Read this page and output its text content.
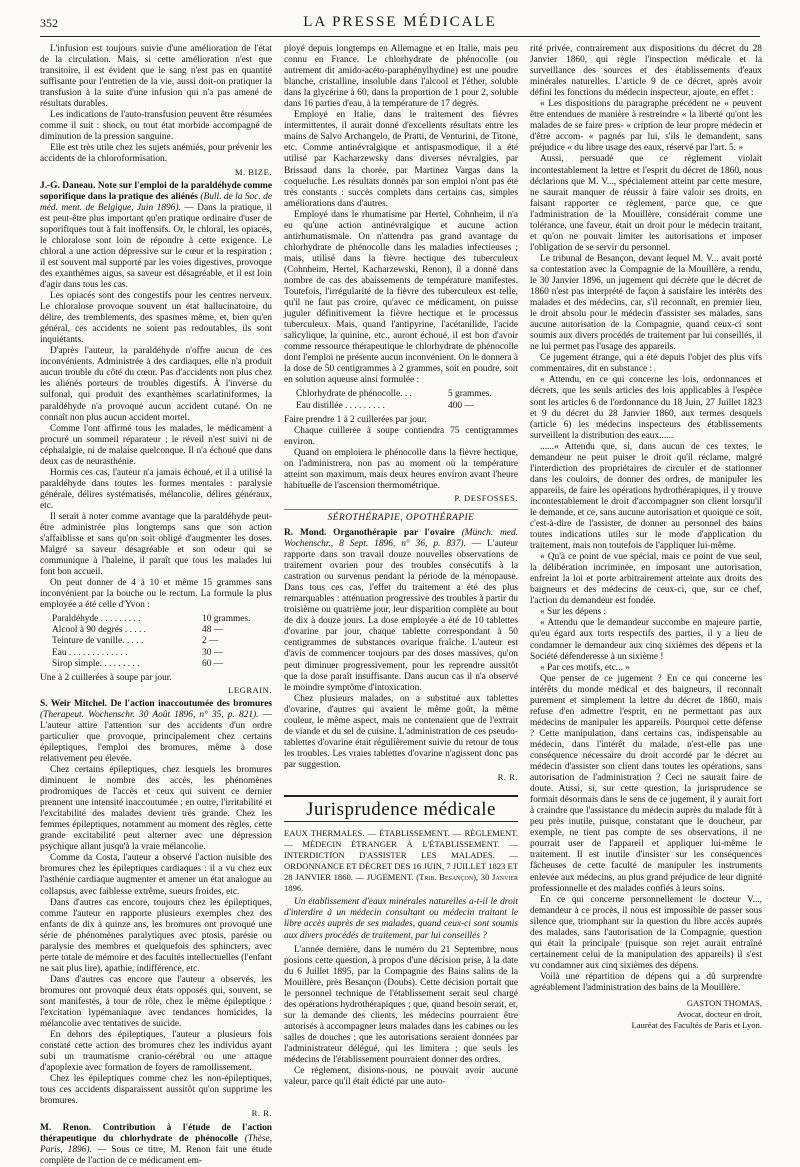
352	LA PRESSE MÉDICALE

L'infusion est toujours suivie d'une amélioration de l'état de la circulation. Mais, si cette amélioration n'est que transitoire, il est évident que le sang n'est pas en quantité suffisante pour l'entretien de la vie, aussi doit-on pratiquer la transfusion à la suite d'une infusion qui n'a pas amené de résultats durables.

Les indications de l'auto-transfusion peuvent être résumées comme il suit : shock, ou tout état morbide accompagné de diminution de la pression sanguine.

Elle est très utile chez les sujets anémiés, pour prévenir les accidents de la chloroformisation.

M. BIZE.

J.-G. Daneau. Note sur l'emploi de la paraldéhyde comme soporifique dans la pratique des aliénés (Bull. de la Soc. de méd. ment. de Belgique, Juin 1896). — Dans la pratique, il est peut-être plus important qu'en pratique ordinaire d'user de soporifiques tout à fait inoffensifs. Or, le chloral, les opiacés, le chloralose sont loin de répondre à cette exigence. Le chloral a une action dépressive sur le cœur et la respiration ; il est souvent mal supporté par les voies digestives, provoque des exanthèmes aigus, sa saveur est désagréable, et il est loin d'agir dans tous les cas.

Les opiacés sont des congestifs pour les centres nerveux. Le chloralose provoque souvent un état hallucinatoire, du délire, des tremblements, des spasmes même, et, bien qu'en général, ces accidents ne soient pas redoutables, ils sont inquiétants.

D'après l'auteur, la paraldéhyde n'offre aucun de ces inconvénients. Administrée à des cardiaques, elle n'a produit aucun trouble du côté du cœur. Pas d'accidents non plus chez les aliénés porteurs de troubles digestifs. À l'inverse du sulfonal, qui produit des exanthèmes scarlatiniformes, la paraldéhyde n'a provoqué aucun accident cutané. On ne connaît non plus aucun accident mortel.

Comme l'ont affirmé tous les malades, le médicament a procuré un sommeil réparateur ; le réveil n'est suivi ni de céphalalgie, ni de malaise quelconque. Il n'a échoué que dans deux cas de neurasthénie.

Hormis ces cas, l'auteur n'a jamais échoué, et il a utilisé la paraldéhyde dans toutes les formes mentales : paralysie générale, délires systématisés, mélancolie, délires généraux, etc.

Il serait à noter comme avantage que la paraldéhyde peut-être administrée plus longtemps sans que son action s'affaiblisse et sans qu'on soit obligé d'augmenter les doses. Malgré sa saveur désagréable et son odeur qui se communique à l'haleine, il paraît que tous les malades lui font bon accueil.

On peut donner de 4 à 10 et même 15 grammes sans inconvénient par la bouche ou le rectum. La formule la plus employée a été celle d'Yvon :

Paraldéhyde . . . . . . . . .	10 grammes.
Alcool à 90 degrés . . . . .	48 —
Teinture de vanille. . . . .	2 —
Eau . . . . . . . . . . . . .	30 —
Sirop simple. . . . . . . . .	60 —

Une à 2 cuillerées à soupe par jour.

LEGRAIN.

S. Weir Mitchel. De l'action inaccoutumée des bromures (Therapeut. Wochenschr. 30 Août 1896, n° 35, p. 821). — L'auteur attire l'attention sur des accidents d'un ordre particulier que provoque, principalement chez certains épileptiques, l'emploi des bromures, même à dose relativement peu élevée.

Chez certains épileptiques, chez lesquels les bromures diminuent le nombre des accès, les phénomènes prodromiques de l'accès et ceux qui suivent ce dernier prennent une intensité inaccoutumée ; en outre, l'irritabilité et l'excitabilité des malades devient très grande. Chez les femmes épileptiques, notamment au moment des règles, cette grande excitabilité peut alterner avec une dépression psychique allant jusqu'à la vraie mélancolie.

Comme da Costa, l'auteur a observé l'action nuisible des bromures chez les épileptiques cardiaques : il a vu chez eux l'asthénie cardiaque augmenter et amener un état analogue au collapsus, avec faiblesse extrême, sueurs froides, etc.

Dans d'autres cas encore, toujours chez les épileptiques, comme l'auteur en rapporte plusieurs exemples chez des enfants de dix à quinze ans, les bromures ont provoqué une série de phénomènes paralytiques avec ptosis, parésie ou paralysie des membres et quelquefois des sphincters, avec perte totale de mémoire et des facultés intellectuelles (l'enfant ne sait plus lire), apathie, indifférence, etc.

Dans d'autres cas encore que l'auteur a observés, les bromures ont provoqué deux états opposés qui, souvent, se sont manifestés, à tour de rôle, chez le même épileptique : l'excitation lypémaniaque avec tendances homicides, la mélancolie avec tentatives de suicide.

En dehors des épileptiques, l'auteur a plusieurs fois constaté cette action des bromures chez les individus ayant subi un traumatisme cranio-cérébral ou une attaque d'apoplexie avec formation de foyers de ramollissement.

Chez les épileptiques comme chez les non-épileptiques, tous ces accidents disparaissent aussitôt qu'on supprime les bromures.

R. R.

M. Renon. Contribution à l'étude de l'action thérapeutique du chlorhydrate de phénocolle (Thèse, Paris, 1896). — Sous ce titre, M. Renon fait une étude complète de l'action de ce médicament em-

ployé depuis longtemps en Allemagne et en Italie, mais peu connu en France. Le chlorhydrate de phénocolle (ou autrement dit amido-acéto-paraphénylhydine) est une poudre blanche, cristalline, insoluble dans l'alcool et l'éther, soluble dans la glycérine à 60, dans la proportion de 1 pour 2, soluble dans 16 parties d'eau, à la température de 17 degrés.

Employé en Italie, dans le traitement des fièvres intermittentes, il aurait donné d'excellents résultats entre les mains de Salvo Archangelo, de Pratti, de Venturini, de Titone, etc. Comme antinévralgique et antispasmodique, il a été utilisé par Kacharzewsky dans diverses névralgies, par Brissaud dans la chorée, par Martinez Vargas dans la coqueluche. Les résultats donnés par son emploi n'ont pas été très constants : succès complets dans certains cas, simples améliorations dans d'autres.

Employé dans le rhumatisme par Hertel, Cohnheim, il n'a eu qu'une action antinévralgique et aucune action antirhumatismale. On n'attendra pas grand avantage du chlorhydrate de phénocolle dans les maladies infectieuses ; mais, utilisé dans la fièvre hectique des tuberculeux (Cohnheim, Hertel, Kacharzewski, Renon), il a donné dans nombre de cas des abaissements de température manifestes. Toutefois, l'irrégularité de la fièvre des tuberculeux est telle, qu'il ne faut pas croire, qu'avec ce médicament, on puisse juguler définitivement la fièvre hectique et le processus tuberculeux. Mais, quand l'antipyrine, l'acétanilide, l'acide salicylique, la quinine, etc., auront échoué, il est bon d'avoir comme ressource thérapeutique le chlorhydrate de phénocolle dont l'emploi ne présente aucun inconvénient. On le donnera à la dose de 50 centigrammes à 2 grammes, soit en poudre, soit en solution aqueuse ainsi formulée :

Chlorhydrate de phénocolle. . .	5 grammes.
Eau distillée . . . . . . . . .	400 —

Faire prendre 1 à 2 cuillerées par jour.

Chaque cuillerée à soupe contiendra 75 centigrammes environ.

Quand on emploiera le phénocolle dans la fièvre hectique, on l'administrera, non pas au moment où la température atteint son maximum, mais deux heures environ avant l'heure habituelle de l'ascension thermométrique.

P. DESFOSSES.
SÉROTHÉRAPIE, OPOTHÉRAPIE

R. Mond. Organothérapie par l'ovaire (Münch. med. Wochenschr., 8 Sept. 1896, n° 36, p. 837). — L'auteur rapporte dans son travail douze nouvelles observations de traitement ovarien pour des troubles consécutifs à la castration ou survenus pendant la période de la ménopause. Dans tous ces cas, l'effet du traitement a été des plus remarquables : atténuation progressive des troubles à partir du troisième ou quatrième jour, leur disparition complète au bout de dix à douze jours. La dose employée a été de 10 tablettes d'ovarine par jour, chaque tablette correspondant à 50 centigrammes de substances ovarique fraîche. L'auteur est d'avis de commencer toujours par des doses massives, qu'on peut diminuer progressivement, pour les reprendre aussitôt que la dose paraît insuffisante. Dans aucun cas il n'a observé le moindre symptôme d'intoxication.

Chez plusieurs malades, on a substitué aux tablettes d'ovarine, d'autres qui avaient le même goût, la même couleur, le même aspect, mais ne contenaient que de l'extrait de viande et du sel de cuisine. L'administration de ces pseudo-tablettes d'ovarine était régulièrement suivie du retour de tous les troubles. Les vraies tablettes d'ovarine n'agissent donc pas par suggestion.

R. R.
Jurisprudence médicale

EAUX THERMALES. — ÉTABLISSEMENT. — RÈGLEMENT. — MÉDECIN ÉTRANGER À L'ÉTABLISSEMENT. — INTERDICTION D'ASSISTER LES MALADES. — ORDONNANCE ET DÉCRET DES 16 JUIN, 7 JUILLET 1823 ET 28 JANVIER 1860. — JUGEMENT. (Trib. Besançon), 30 Janvier 1896.

Un établissement d'eaux minérales naturelles a-t-il le droit d'interdire à un médecin consultant ou médecin traitant le libre accès auprès de ses malades, quand ceux-ci sont soumis aux divers procédés de traitement, par lui conseillés ?

L'année dernière, dans le numéro du 21 Septembre, nous posions cette question, à propos d'une décision prise, à la date du 6 Juillet 1895, par la Compagnie des Bains salins de la Mouillère, près Besançon (Doubs). Cette décision portait que le personnel technique de l'établissement serait seul chargé des opérations hydrothérapiques ; que, quand besoin serait, et, sur la demande des clients, les médecins pourraient être autorisés à accompagner leurs malades dans les cabines ou les salles de douches ; que les autorisations seraient données par l'administrateur délégué, qui les limitera ; que seuls les médecins de l'établissement pourraient donner des ordres.

Ce règlement, disions-nous, ne pouvait avoir aucune valeur, parce qu'il était édicté par une auto-

rité privée, contrairement aux dispositions du décret du 28 Janvier 1860, qui règle l'inspection médicale et la surveillance des sources et des établissements d'eaux minérales naturelles. L'article 9 de ce décret, après avoir défini les fonctions du médecin inspecteur, ajoute, en effet :

« Les dispositions du paragraphe précédent ne « peuvent être entendues de manière à restreindre « la liberté qu'ont les malades de se faire pres- « cription de leur propre médecin et d'être accom- « pagnés par lui, s'ils le demandent, sans préjudice « du libre usage des eaux, réservé par l'art. 5. »

Aussi, persuadé que ce règlement violait incontestablement la lettre et l'esprit du décret de 1860, nous déclarions que M. V..., spécialement atteint par cette mesure, ne saurait manquer de réussir à faire valoir ses droits, en faisant rapporter ce règlement, parce que, ce que l'administration de la Mouillère, considérait comme une tolérance, une faveur, était un droit pour le médecin traitant, et qu'on ne pouvait limiter les autorisations et imposer l'obligation de se servir du personnel.

Le tribunal de Besançon, devant lequel M. V... avait porté sa contestation avec la Compagnie de la Mouillère, a rendu, le 30 Janvier 1896, un jugement qui décrète que le décret de 1860 n'est pas interprété de façon à satisfaire les intérêts des malades et des médecins, car, s'il reconnaît, en premier lieu, le droit absolu pour le médecin d'assister ses malades, sans aucune autorisation de la Compagnie, quand ceux-ci sont soumis aux divers procédés de traitement par lui conseillés, il ne lui permet pas l'usage des appareils.

Ce jugement étrange, qui a été depuis l'objet des plus vifs commentaires, dit en substance :

« Attendu, en ce qui concerne les lois, ordonnances et décrets, que les seuls articles des lois applicables à l'espèce sont les articles 6 de l'ordonnance du 18 Juin, 27 Juillet 1823 et 9 du décret du 28 Janvier 1860, aux termes desquels (article 6) les médecins inspecteurs des établissements surveillent la distribution des eaux......

......« Attendu que, si, dans aucun de ces textes, le demandeur ne peut puiser le droit qu'il réclame, malgré l'interdiction des propriétaires de circuler et de stationner dans les couloirs, de donner des ordres, de manipuler les appareils, de faire les opérations hydrothérapiques, il y trouve incontestablement le droit d'accompagner son client lorsqu'il le demande, et ce, sans aucune autorisation et quoique ce soit, c'est-à-dire de l'assister, de donner au personnel des bains toutes indications utiles sur le mode d'application du traitement, mais non toutefois de l'appliquer lui-même.

« Qu'à ce point de vue spécial, mais ce point de vue seul, la délibération incriminée, en imposant une autorisation, enfreint la loi et porte arbitrairement atteinte aux droits des baigneurs et des médecins de ceux-ci, que, sur ce chef, l'action du demandeur est fondée.

« Sur les dépens :

« Attendu que le demandeur succombe en majeure partie, qu'eu égard aux torts respectifs des parties, il y a lieu de condamner le demandeur aux cinq sixièmes des dépens et la Société défenderesse à un sixième !

« Par ces motifs, etc... »

Que penser de ce jugement ? En ce qui concerne les intérêts du monde médical et des baigneurs, il reconnaît purement et simplement la lettre du décret de 1860, mais refuse d'en admettre l'esprit, en ne permettant pas aux médecins de manipuler les appareils. Pourquoi cette défense ? Cette manipulation, dans certains cas, indispensable au médecin, dans l'intérêt du malade, n'est-elle pas une conséquence nécessaire du droit accordé par le décret au médecin d'assister son client dans toutes les opérations, sans autorisation de l'administration ? Ceci ne saurait faire de doute. Aussi, si, sur cette question, la jurisprudence se formait désormais dans le sens de ce jugement, il y aurait fort à craindre que l'assistance du médecin auprès du malade fût à peu près inutile, puisque, constatant que le doucheur, par exemple, ne tient pas compte de ses observations, il ne pourrait user de l'appareil et appliquer lui-même le traitement. Il est inutile d'insister sur les conséquences fâcheuses de cette faculté de manipuler les instruments enlevée aux médecins, au plus grand préjudice de leur dignité professionnelle et des malades confiés à leurs soins.

En ce qui concerne personnellement le docteur V..., demandeur à ce procès, il nous est impossible de passer sous silence que, triomphant sur la question du libre accès auprès des malades, sans l'autorisation de la Compagnie, question qui était la principale (puisque son rejet aurait entraîné certainement celui de la manipulation des appareils) il s'est vu condamner aux cinq sixièmes des dépens.

Voilà une répartition de dépens qui a dû surprendre agréablement l'administration des bains de la Mouillère.

GASTON THOMAS,
Avocat, docteur en droit,
Lauréat des Facultés de Paris et Lyon.
